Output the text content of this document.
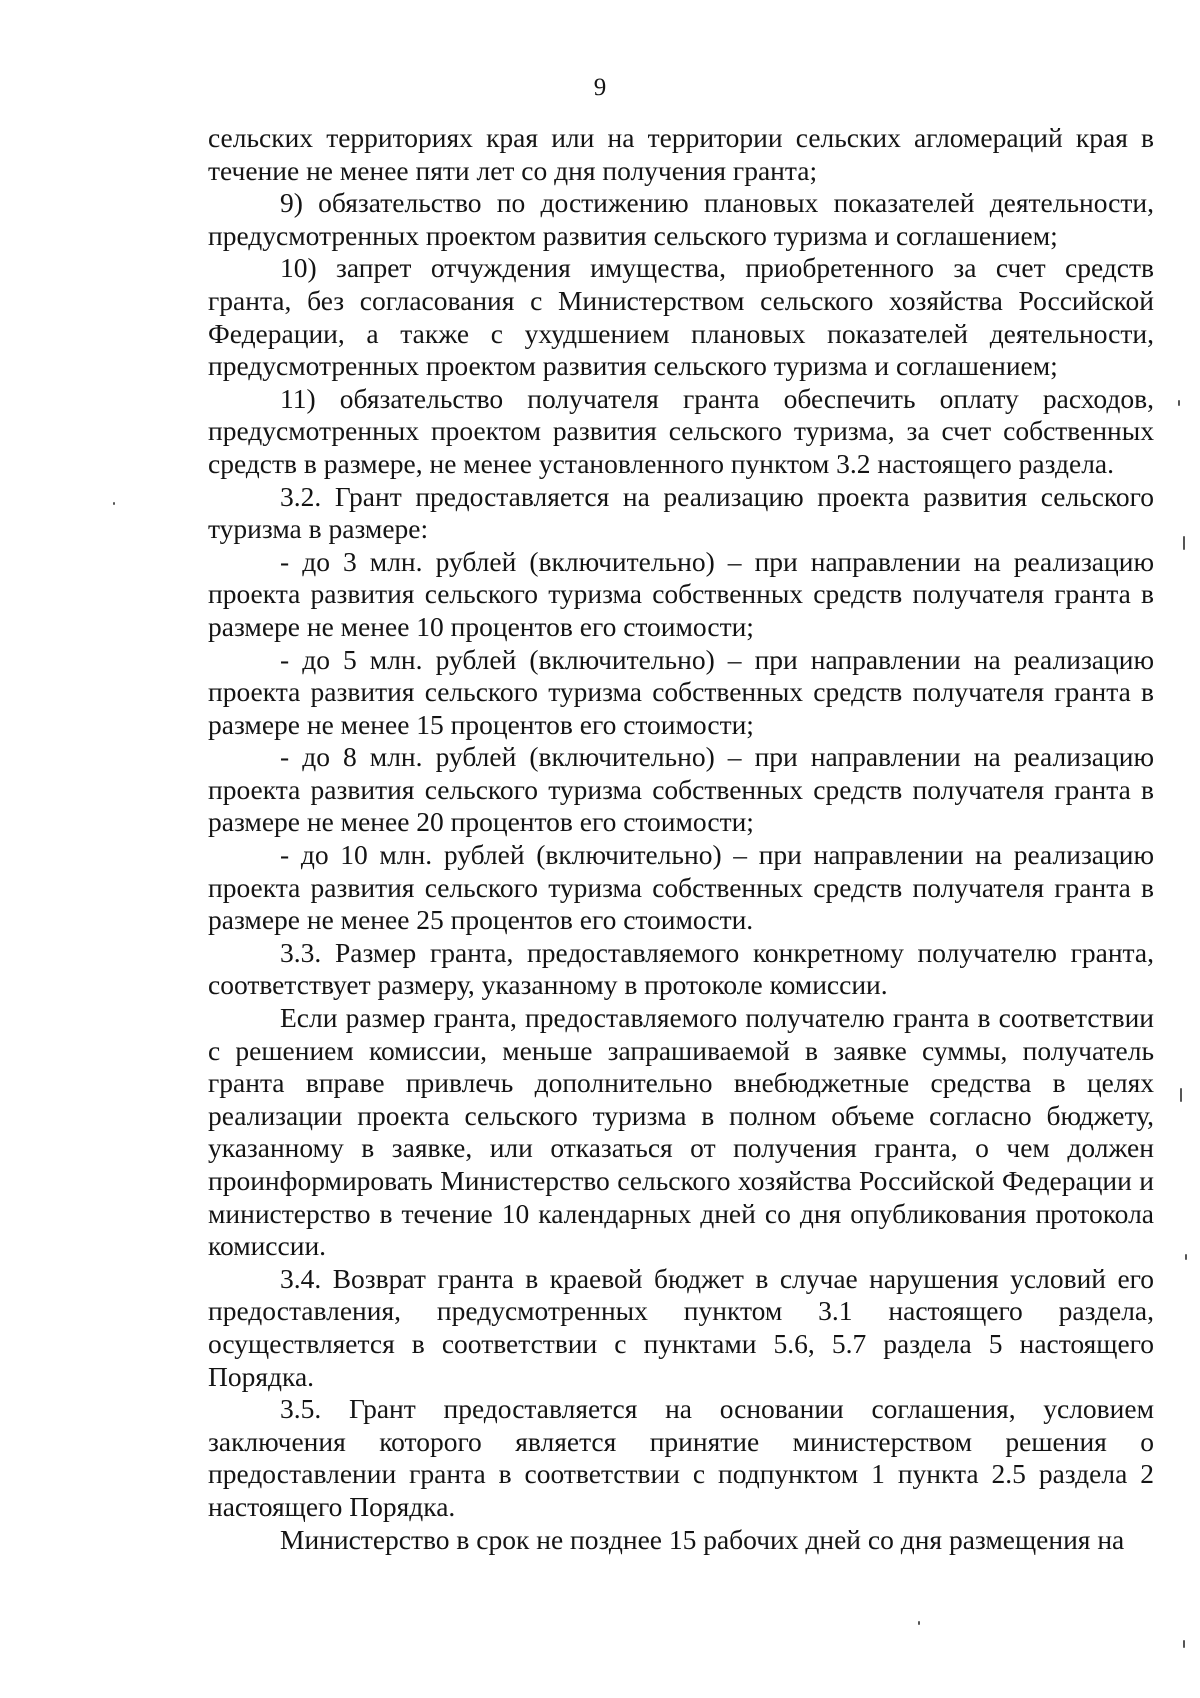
9

сельских территориях края или на территории сельских агломераций края в течение не менее пяти лет со дня получения гранта;

9) обязательство по достижению плановых показателей деятельности, предусмотренных проектом развития сельского туризма и соглашением;

10) запрет отчуждения имущества, приобретенного за счет средств гранта, без согласования с Министерством сельского хозяйства Российской Федерации, а также с ухудшением плановых показателей деятельности, предусмотренных проектом развития сельского туризма и соглашением;

11) обязательство получателя гранта обеспечить оплату расходов, предусмотренных проектом развития сельского туризма, за счет собственных средств в размере, не менее установленного пунктом 3.2 настоящего раздела.

3.2. Грант предоставляется на реализацию проекта развития сельского туризма в размере:

- до 3 млн. рублей (включительно) – при направлении на реализацию проекта развития сельского туризма собственных средств получателя гранта в размере не менее 10 процентов его стоимости;

- до 5 млн. рублей (включительно) – при направлении на реализацию проекта развития сельского туризма собственных средств получателя гранта в размере не менее 15 процентов его стоимости;

- до 8 млн. рублей (включительно) – при направлении на реализацию проекта развития сельского туризма собственных средств получателя гранта в размере не менее 20 процентов его стоимости;

- до 10 млн. рублей (включительно) – при направлении на реализацию проекта развития сельского туризма собственных средств получателя гранта в размере не менее 25 процентов его стоимости.

3.3. Размер гранта, предоставляемого конкретному получателю гранта, соответствует размеру, указанному в протоколе комиссии.

Если размер гранта, предоставляемого получателю гранта в соответствии с решением комиссии, меньше запрашиваемой в заявке суммы, получатель гранта вправе привлечь дополнительно внебюджетные средства в целях реализации проекта сельского туризма в полном объеме согласно бюджету, указанному в заявке, или отказаться от получения гранта, о чем должен проинформировать Министерство сельского хозяйства Российской Федерации и министерство в течение 10 календарных дней со дня опубликования протокола комиссии.

3.4. Возврат гранта в краевой бюджет в случае нарушения условий его предоставления, предусмотренных пунктом 3.1 настоящего раздела, осуществляется в соответствии с пунктами 5.6, 5.7 раздела 5 настоящего Порядка.

3.5. Грант предоставляется на основании соглашения, условием заключения которого является принятие министерством решения о предоставлении гранта в соответствии с подпунктом 1 пункта 2.5 раздела 2 настоящего Порядка.

Министерство в срок не позднее 15 рабочих дней со дня размещения на
